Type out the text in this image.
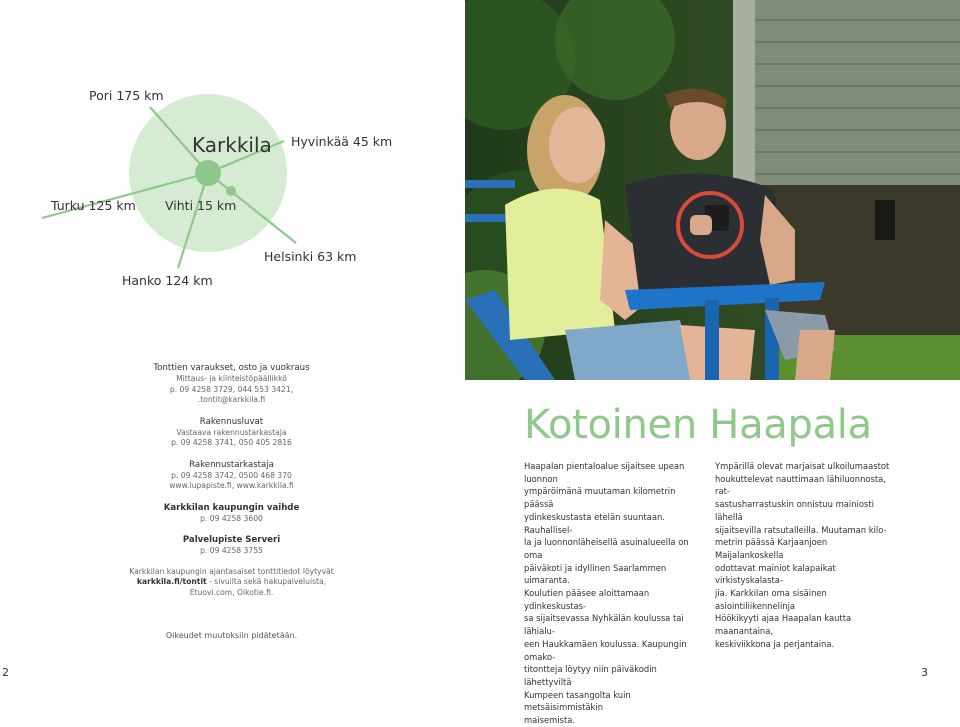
Karkkila
Pori 175 km
Hyvinkää 45 km
Turku 125 km Vihti 15 km
Helsinki 63 km
Hanko 124 km

Tonttien varaukset, osto ja vuokraus

Mittaus- ja kiinteistöpäällikkö

p. 09 4258 3729, 044 553 3421,

.tontit@karkkila.fi

Rakennusluvat

Vastaava rakennustarkastaja

p. 09 4258 3741, 050 405 2816

Rakennustarkastaja

p. 09 4258 3742, 0500 468 370

www.lupapiste.fi, www.karkkila.fi

Karkkilan kaupungin vaihde

p. 09 4258 3600

Palvelupiste Serveri

p. 09 4258 3755

Karkkilan kaupungin ajantasaiset tonttitiedot löytyvät

karkkila.fi/tontit - sivuilta sekä hakupalveluista,

Etuovi.com, Oikotie.fi.

Oikeudet muutoksiin pidätetään.
Kotoinen Haapala
Haapalan pientaloalue sijaitsee upean luonnon
ympäröimänä muutaman kilometrin päässä
ydinkeskustasta etelän suuntaan. Rauhallisel-
la ja luonnonläheisellä asuinalueella on oma
päiväkoti ja idyllinen Saarlammen uimaranta.
Koulutien pääsee aloittamaan ydinkeskustas-
sa sijaitsevassa Nyhkälän koulussa tai lähialu-
een Haukkamäen koulussa. Kaupungin omako-
titontteja löytyy niin päiväkodin lähettyviltä
Kumpeen tasangolta kuin metsäisimmistäkin
maisemista.
Ympärillä olevat marjaisat ulkoilumaastot
houkuttelevat nauttimaan lähiluonnosta, rat-
sastusharrastuskin onnistuu mainiosti lähellä
sijaitsevilla ratsutalleilla. Muutaman kilo-
metrin päässä Karjaanjoen Maijalankoskella
odottavat mainiot kalapaikat virkistyskalasta-
jia. Karkkilan oma sisäinen asiointiliikennelinja
Höökikyyti ajaa Haapalan kautta maanantaina,
keskiviikkona ja perjantaina.
2	3
